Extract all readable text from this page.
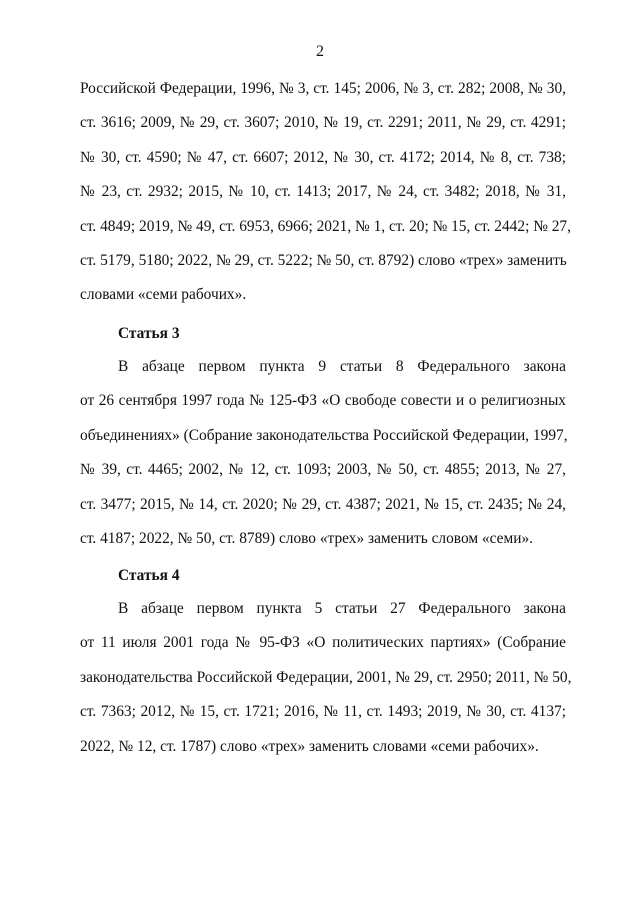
2
Российской Федерации, 1996, № 3, ст. 145; 2006, № 3, ст. 282; 2008, № 30,
ст. 3616; 2009, № 29, ст. 3607; 2010, № 19, ст. 2291; 2011, № 29, ст. 4291;
№ 30, ст. 4590; № 47, ст. 6607; 2012, № 30, ст. 4172; 2014, № 8, ст. 738;
№ 23, ст. 2932; 2015, № 10, ст. 1413; 2017, № 24, ст. 3482; 2018, № 31,
ст. 4849; 2019, № 49, ст. 6953, 6966; 2021, № 1, ст. 20; № 15, ст. 2442; № 27,
ст. 5179, 5180; 2022, № 29, ст. 5222; № 50, ст. 8792) слово «трех» заменить
словами «семи рабочих».
Статья 3
В абзаце первом пункта 9 статьи 8 Федерального закона
от 26 сентября 1997 года № 125-ФЗ «О свободе совести и о религиозных
объединениях» (Собрание законодательства Российской Федерации, 1997,
№ 39, ст. 4465; 2002, № 12, ст. 1093; 2003, № 50, ст. 4855; 2013, № 27,
ст. 3477; 2015, № 14, ст. 2020; № 29, ст. 4387; 2021, № 15, ст. 2435; № 24,
ст. 4187; 2022, № 50, ст. 8789) слово «трех» заменить словом «семи».
Статья 4
В абзаце первом пункта 5 статьи 27 Федерального закона
от 11 июля 2001 года № 95-ФЗ «О политических партиях» (Собрание
законодательства Российской Федерации, 2001, № 29, ст. 2950; 2011, № 50,
ст. 7363; 2012, № 15, ст. 1721; 2016, № 11, ст. 1493; 2019, № 30, ст. 4137;
2022, № 12, ст. 1787) слово «трех» заменить словами «семи рабочих».
